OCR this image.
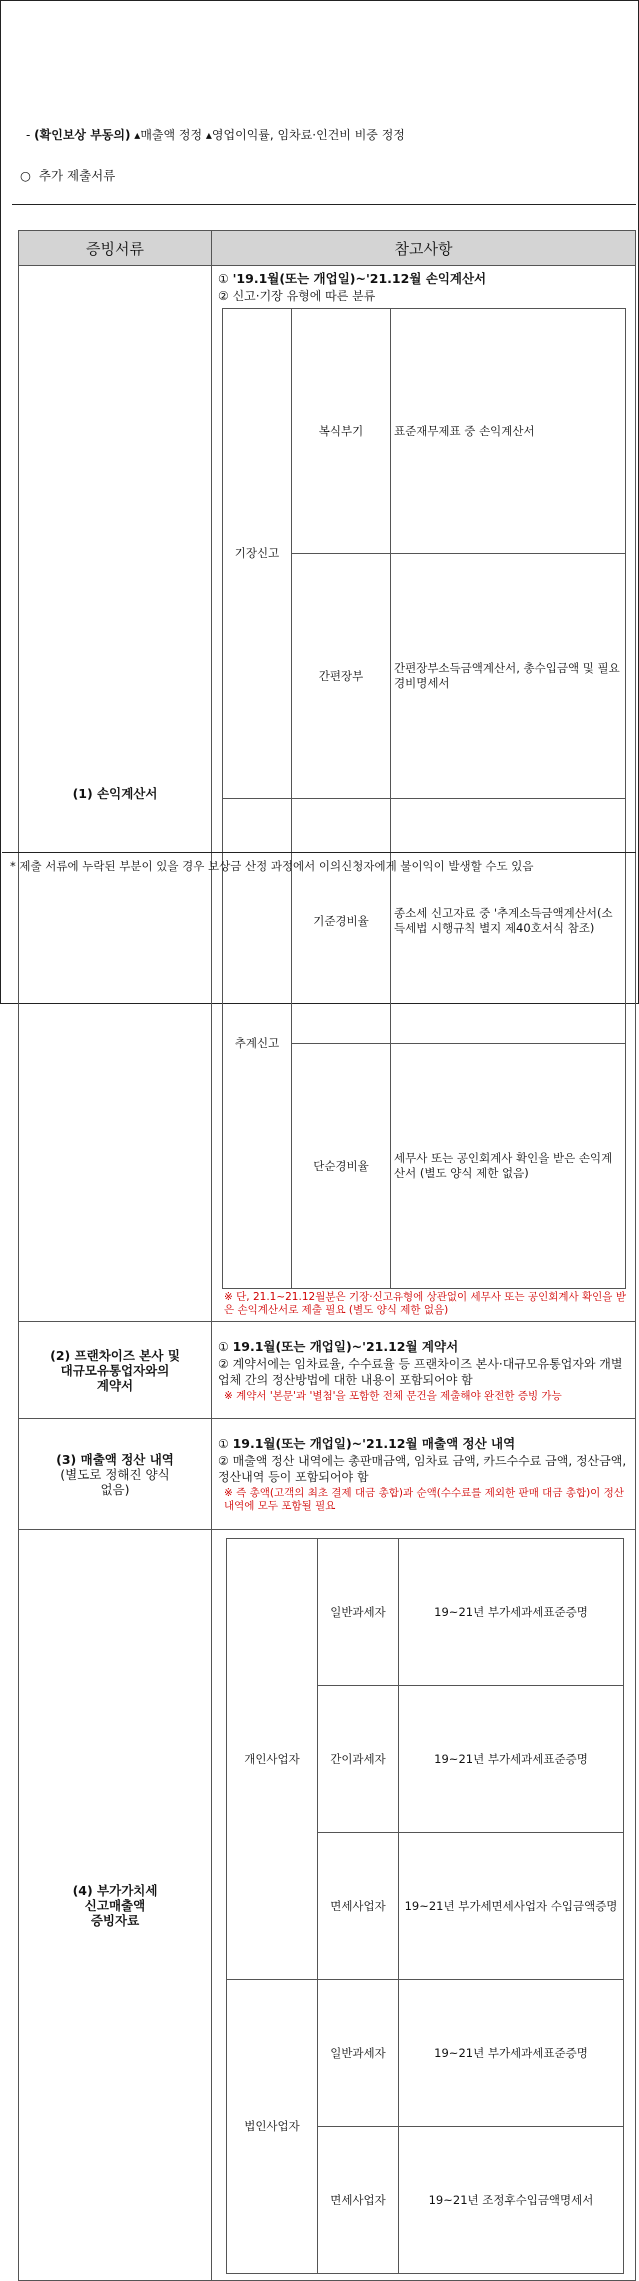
- (확인보상 부동의) ▴매출액 정정 ▴영업이익률, 임차료·인건비 비중 정정
○ 추가 제출서류
증빙서류	참고사항
(1) 손익계산서	
① '19.1월(또는 개업일)~'21.12월 손익계산서
② 신고·기장 유형에 따른 분류
기장신고	복식부기	표준재무제표 중 손익계산서
간편장부	간편장부소득금액계산서, 총수입금액 및 필요경비명세서
추계신고	기준경비율	종소세 신고자료 중 '추계소득금액계산서(소득세법 시행규칙 별지 제40호서식 참조)
단순경비율	세무사 또는 공인회계사 확인을 받은 손익계산서 (별도 양식 제한 없음)
※ 단, 21.1~21.12월분은 기장·신고유형에 상관없이 세무사 또는 공인회계사 확인을 받은 손익계산서로 제출 필요 (별도 양식 제한 없음)

(2) 프랜차이즈 본사 및
대규모유통업자와의
계약서

① 19.1월(또는 개업일)~'21.12월 계약서
② 계약서에는 임차료율, 수수료율 등 프랜차이즈 본사·대규모유통업자와 개별 업체 간의 정산방법에 대한 내용이 포함되어야 함
※ 계약서 '본문'과 '별첨'을 포함한 전체 문건을 제출해야 완전한 증빙 가능

(3) 매출액 정산 내역
(별도로 정해진 양식
없음)

① 19.1월(또는 개업일)~'21.12월 매출액 정산 내역
② 매출액 정산 내역에는 총판매금액, 임차료 금액, 카드수수료 금액, 정산금액, 정산내역 등이 포함되어야 함
※ 즉 총액(고객의 최초 결제 대금 총합)과 순액(수수료를 제외한 판매 대금 총합)이 정산 내역에 모두 포함될 필요

(4) 부가가치세
신고매출액
증빙자료

개인사업자	일반과세자	19~21년 부가세과세표준증명
간이과세자	19~21년 부가세과세표준증명
면세사업자	19~21년 부가세면세사업자 수입금액증명
법인사업자	일반과세자	19~21년 부가세과세표준증명
면세사업자	19~21년 조정후수입금액명세서
* 제출 서류에 누락된 부분이 있을 경우 보상금 산정 과정에서 이의신청자에게 불이익이 발생할 수도 있음
